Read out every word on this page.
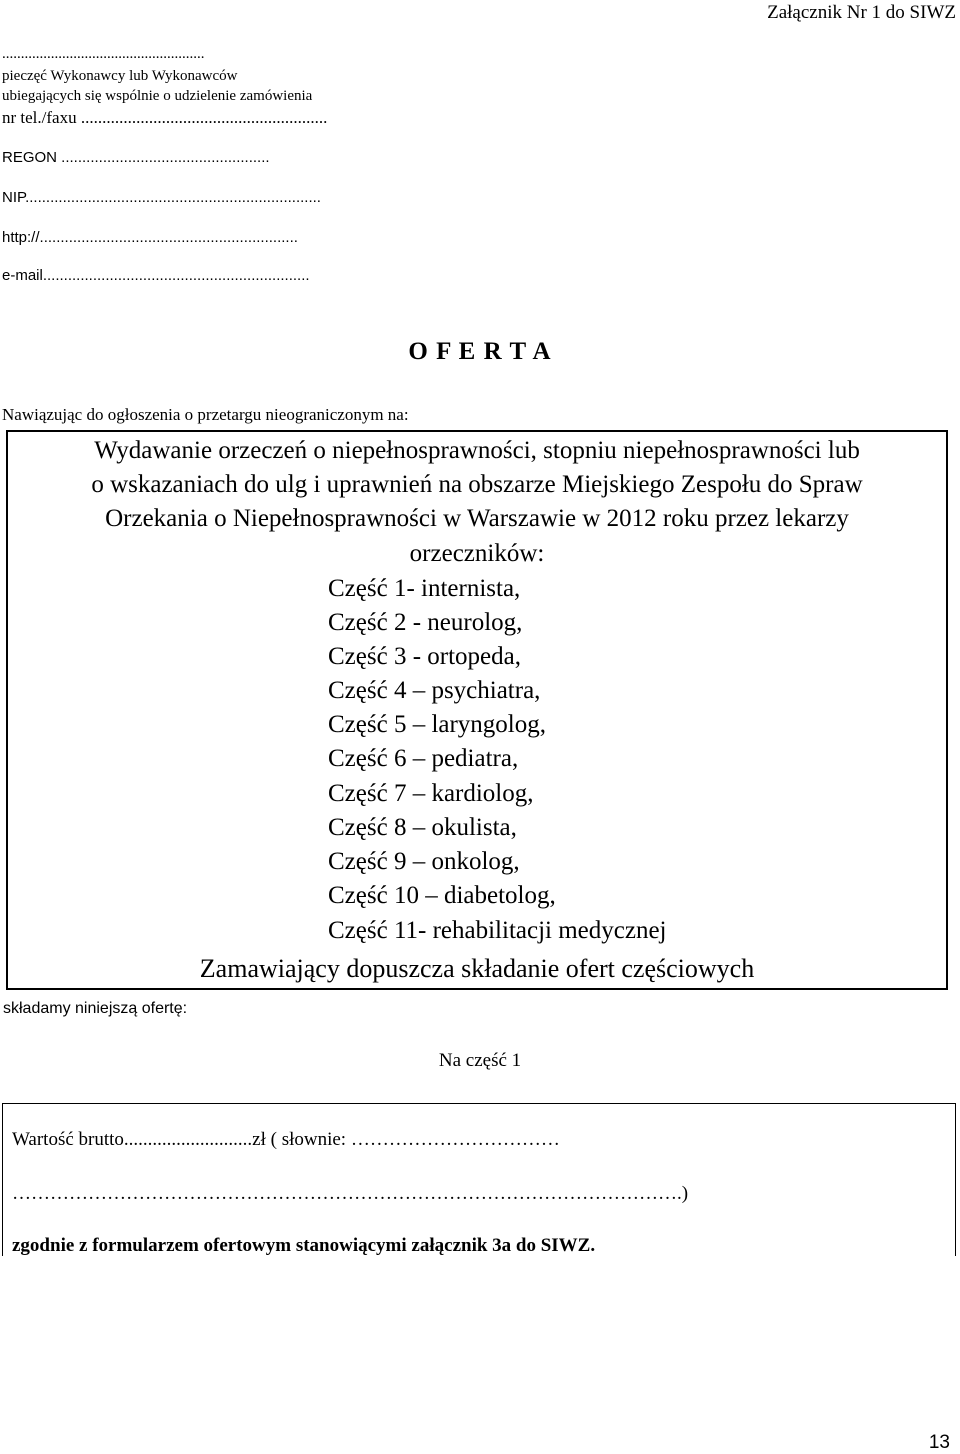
Załącznik Nr 1 do SIWZ
......................................................
pieczęć Wykonawcy lub Wykonawców
ubiegających się wspólnie o udzielenie zamówienia
nr tel./faxu ..........................................................
REGON ..................................................
NIP.......................................................................
http://..............................................................
e-mail................................................................
O F E R T A
Nawiązując do ogłoszenia o przetargu nieograniczonym na:
Wydawanie orzeczeń o niepełnosprawności, stopniu niepełnosprawności lub
o wskazaniach do ulg i uprawnień na obszarze Miejskiego Zespołu do Spraw
Orzekania o Niepełnosprawności w Warszawie w 2012 roku przez lekarzy
orzeczników:
Część 1- internista,
Część 2 - neurolog,
Część 3 - ortopeda,
Część 4 – psychiatra,
Część 5 – laryngolog,
Część 6 – pediatra,
Część 7 – kardiolog,
Część 8 – okulista,
Część 9 – onkolog,
Część 10 – diabetolog,
Część 11- rehabilitacji medycznej
Zamawiający dopuszcza składanie ofert częściowych
składamy niniejszą ofertę:
Na część 1
Wartość brutto...........................zł ( słownie: ……………………………
…………………………………………………………………………………………….)
zgodnie z formularzem ofertowym stanowiącymi załącznik 3a do SIWZ.
13
